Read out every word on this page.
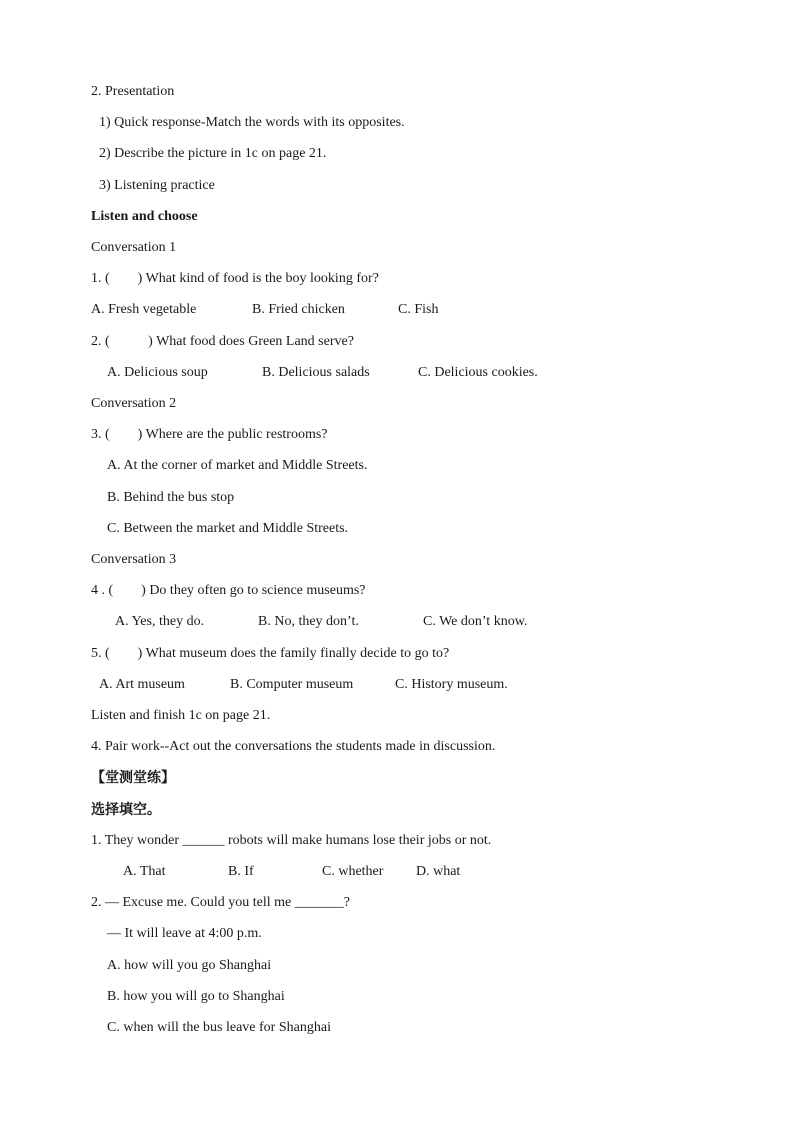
2. Presentation
1) Quick response-Match the words with its opposites.
2) Describe the picture in 1c on page 21.
3) Listening practice
Listen and choose
Conversation 1
1. (        ) What kind of food is the boy looking for?
A. Fresh vegetable	B. Fried chicken	C. Fish
2. (           ) What food does Green Land serve?
A. Delicious soup	B. Delicious salads	C. Delicious cookies.
Conversation 2
3. (        ) Where are the public restrooms?
A. At the corner of market and Middle Streets.
B. Behind the bus stop
C. Between the market and Middle Streets.
Conversation 3
4 . (        ) Do they often go to science museums?
A. Yes, they do.	B. No, they don’t.	C. We don’t know.
5. (        ) What museum does the family finally decide to go to?
A. Art museum	B. Computer museum	C. History museum.
Listen and finish 1c on page 21.
4. Pair work--Act out the conversations the students made in discussion.
【堂测堂练】
选择填空。
1. They wonder ______ robots will make humans lose their jobs or not.
A. That	B. If	C. whether D. what
2. — Excuse me. Could you tell me _______?
— It will leave at 4:00 p.m.
A. how will you go Shanghai
B. how you will go to Shanghai
C. when will the bus leave for Shanghai
